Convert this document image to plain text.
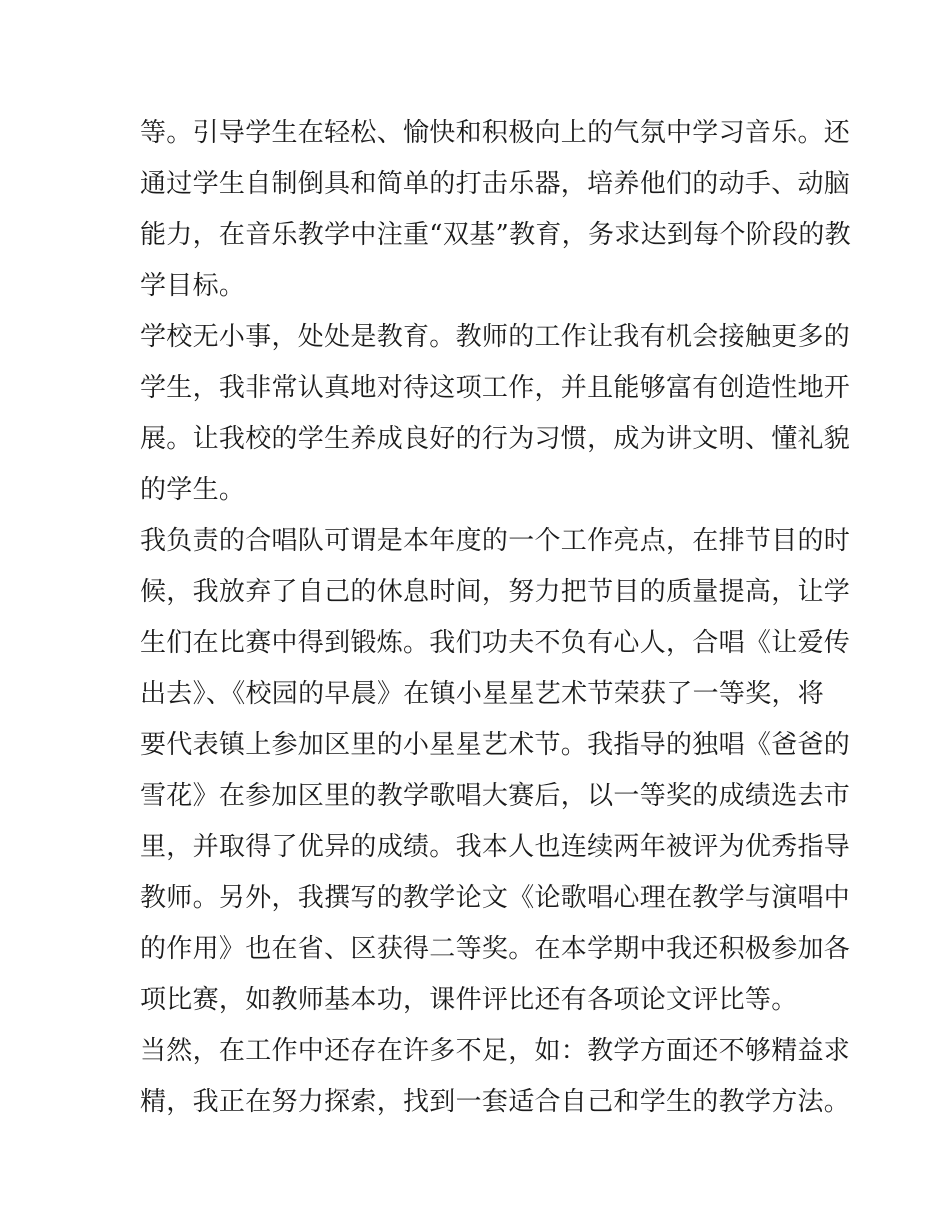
等。引导学生在轻松、愉快和积极向上的气氛中学习音乐。还
通过学生自制倒具和简单的打击乐器，培养他们的动手、动脑
能力，在音乐教学中注重“双基”教育，务求达到每个阶段的教
学目标。
学校无小事，处处是教育。教师的工作让我有机会接触更多的
学生，我非常认真地对待这项工作，并且能够富有创造性地开
展。让我校的学生养成良好的行为习惯，成为讲文明、懂礼貌
的学生。
我负责的合唱队可谓是本年度的一个工作亮点，在排节目的时
候，我放弃了自己的休息时间，努力把节目的质量提高，让学
生们在比赛中得到锻炼。我们功夫不负有心人，合唱《让爱传
出去》、《校园的早晨》在镇小星星艺术节荣获了一等奖，将
要代表镇上参加区里的小星星艺术节。我指导的独唱《爸爸的
雪花》在参加区里的教学歌唱大赛后，以一等奖的成绩选去市
里，并取得了优异的成绩。我本人也连续两年被评为优秀指导
教师。另外，我撰写的教学论文《论歌唱心理在教学与演唱中
的作用》也在省、区获得二等奖。在本学期中我还积极参加各
项比赛，如教师基本功，课件评比还有各项论文评比等。
当然，在工作中还存在许多不足，如：教学方面还不够精益求
精，我正在努力探索，找到一套适合自己和学生的教学方法。
